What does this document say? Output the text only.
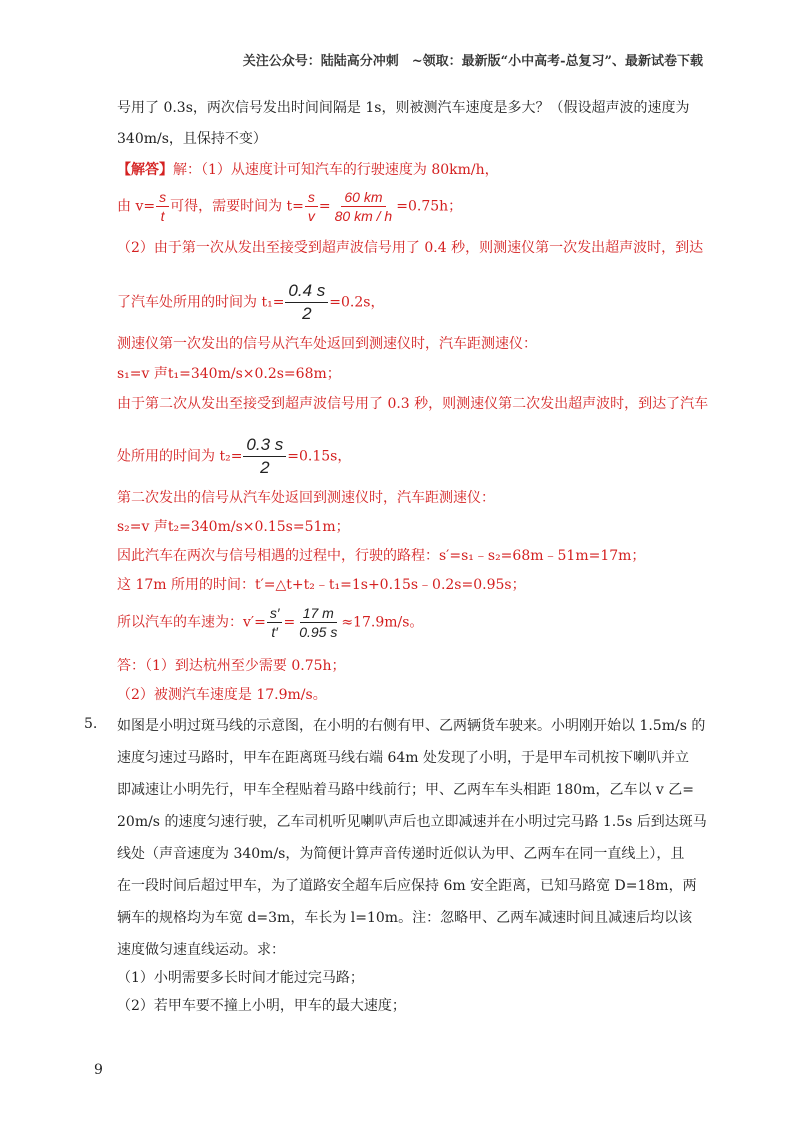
关注公众号：陆陆高分冲刺　~领取：最新版“小中高考-总复习”、最新试卷下载
号用了 0.3s，两次信号发出时间间隔是 1s，则被测汽车速度是多大？（假设超声波的速度为
340m/s，且保持不变）
【解答】解：（1）从速度计可知汽车的行驶速度为 80km/h，
由 $v= \frac{s}{t}$ 可得，需要时间为 $t= \frac{s}{v} = \frac{60 km}{80 km / h} =0.75h$；
（2）由于第一次从发出至接受到超声波信号用了 0.4 秒，则测速仪第一次发出超声波时，到达
了汽车处所用的时间为 $t_1= \frac{0.4 s}{2} =0.2s$，
测速仪第一次发出的信号从汽车处返回到测速仪时，汽车距测速仪：
s₁=v 声t₁=340m/s×0.2s=68m；
由于第二次从发出至接受到超声波信号用了 0.3 秒，则测速仪第二次发出超声波时，到达了汽车
处所用的时间为 $t_2= \frac{0.3 s}{2} =0.15s$，
第二次发出的信号从汽车处返回到测速仪时，汽车距测速仪：
s₂=v 声t₂=340m/s×0.15s=51m；
因此汽车在两次与信号相遇的过程中，行驶的路程：s′=s₁﹣s₂=68m﹣51m=17m；
这 17m 所用的时间：t′=△t+t₂﹣t₁=1s+0.15s﹣0.2s=0.95s；
所以汽车的车速为：$v'= \frac{s'}{t'} = \frac{17 m}{0.95 s} \approx 17.9m/s$。
答：（1）到达杭州至少需要 0.75h；
（2）被测汽车速度是 17.9m/s。
5. 如图是小明过斑马线的示意图，在小明的右侧有甲、乙两辆货车驶来。小明刚开始以 1.5m/s 的
速度匀速过马路时，甲车在距离斑马线右端 64m 处发现了小明，于是甲车司机按下喇叭并立
即减速让小明先行，甲车全程贴着马路中线前行；甲、乙两车车头相距 180m，乙车以 v 乙=
20m/s 的速度匀速行驶，乙车司机听见喇叭声后也立即减速并在小明过完马路 1.5s 后到达斑马
线处（声音速度为 340m/s，为简便计算声音传递时近似认为甲、乙两车在同一直线上），且
在一段时间后超过甲车，为了道路安全超车后应保持 6m 安全距离，已知马路宽 D=18m，两
辆车的规格均为车宽 d=3m，车长为 l=10m。注：忽略甲、乙两车减速时间且减速后均以该
速度做匀速直线运动。求：
（1）小明需要多长时间才能过完马路；
（2）若甲车要不撞上小明，甲车的最大速度；
9
